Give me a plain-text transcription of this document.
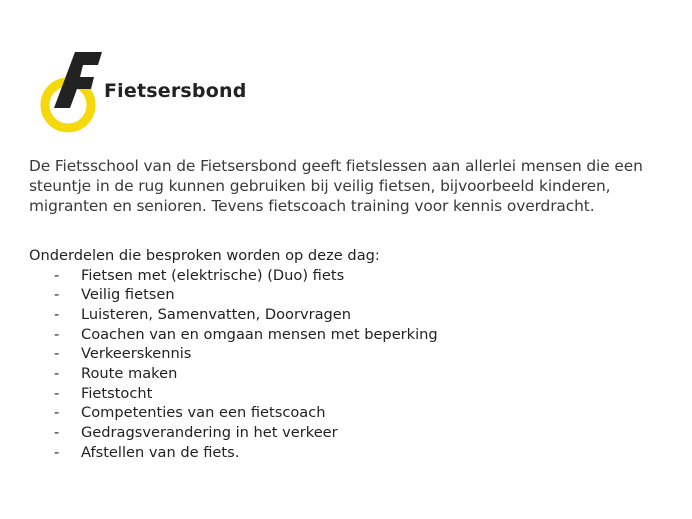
Fietsersbond

De Fietsschool van de Fietsersbond geeft fietslessen aan allerlei mensen die een

steuntje in de rug kunnen gebruiken bij veilig fietsen, bijvoorbeeld kinderen,

migranten en senioren. Tevens fietscoach training voor kennis overdracht.

Onderdelen die besproken worden op deze dag:
- Fietsen met (elektrische) (Duo) fiets
- Veilig fietsen
- Luisteren, Samenvatten, Doorvragen
- Coachen van en omgaan mensen met beperking
- Verkeerskennis
- Route maken
- Fietstocht
- Competenties van een fietscoach
- Gedragsverandering in het verkeer
- Afstellen van de fiets.
